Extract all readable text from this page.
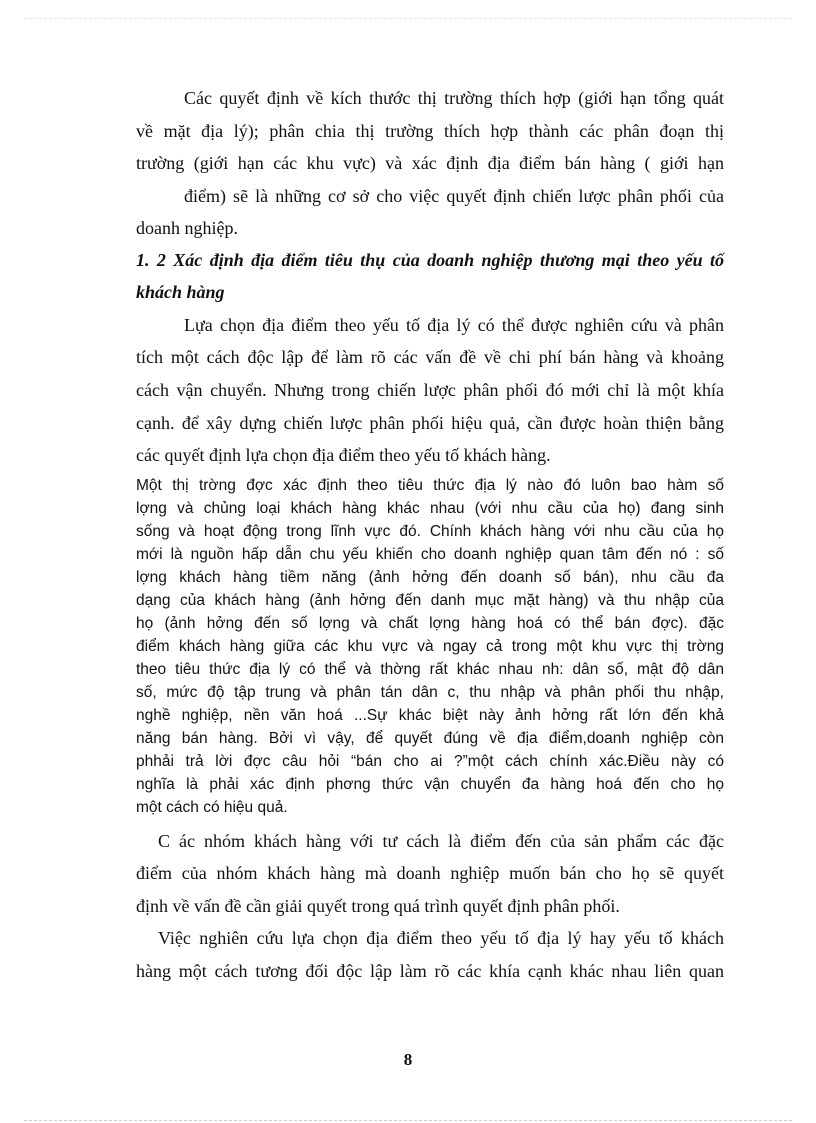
Các quyết định về kích thước thị trường thích hợp (giới hạn tổng quát
về mặt địa lý); phân chia thị trường thích hợp thành các phân đoạn thị
trường (giới hạn các khu vực) và xác định địa điểm bán hàng ( giới hạn
điểm) sẽ là những cơ sở cho việc quyết định chiến lược phân phối của
doanh nghiệp.
1. 2 Xác định địa điểm tiêu thụ của doanh nghiệp thương mại theo yếu tố
khách hàng
Lựa chọn địa điểm theo yếu tố địa lý có thể được nghiên cứu và phân
tích một cách độc lập để làm rõ các vấn đề về chi phí bán hàng và khoảng
cách vận chuyển. Nhưng trong chiến lược phân phối đó mới chỉ là một khía
cạnh. để xây dựng chiến lược phân phối hiệu quả, cần được hoàn thiện bằng
các quyết định lựa chọn địa điểm theo yếu tố khách hàng.
Một thị trờng đợc xác định theo tiêu thức địa lý nào đó luôn bao hàm số
lợng và chủng loại khách hàng khác nhau (với nhu cầu của họ) đang sinh
sống và hoạt động trong lĩnh vực đó. Chính khách hàng với nhu cầu của họ
mới là nguồn hấp dẫn chu yếu khiến cho doanh nghiệp quan tâm đến nó : số
lợng khách hàng tiềm năng (ảnh hởng đến doanh số bán), nhu cầu đa
dạng của khách hàng (ảnh hởng đến danh mục mặt hàng) và thu nhập của
họ (ảnh hởng đến số lợng và chất lợng hàng hoá có thể bán đợc). đặc
điểm khách hàng giữa các khu vực và ngay cả trong một khu vực thị trờng
theo tiêu thức địa lý có thể và thờng rất khác nhau nh: dân số, mật độ dân
số, mức độ tập trung và phân tán dân c, thu nhập và phân phối thu nhập,
nghề nghiệp, nền văn hoá ...Sự khác biệt này ảnh hởng rất lớn đến khả
năng bán hàng. Bởi vì vậy, để quyết đúng về địa điểm,doanh nghiệp còn
phhải trả lời đợc câu hỏi “bán cho ai ?”một cách chính xác.Điều này có
nghĩa là phải xác định phơng thức vận chuyển đa hàng hoá đến cho họ
một cách có hiệu quả.
C ác nhóm khách hàng với tư cách là điểm đến của sản phẩm các đặc
điểm của nhóm khách hàng mà doanh nghiệp muốn bán cho họ sẽ quyết
định về vấn đề cần giải quyết trong quá trình quyết định phân phối.
Việc nghiên cứu lựa chọn địa điểm theo yếu tố địa lý hay yếu tố khách
hàng một cách tương đối độc lập làm rõ các khía cạnh khác nhau liên quan
8
